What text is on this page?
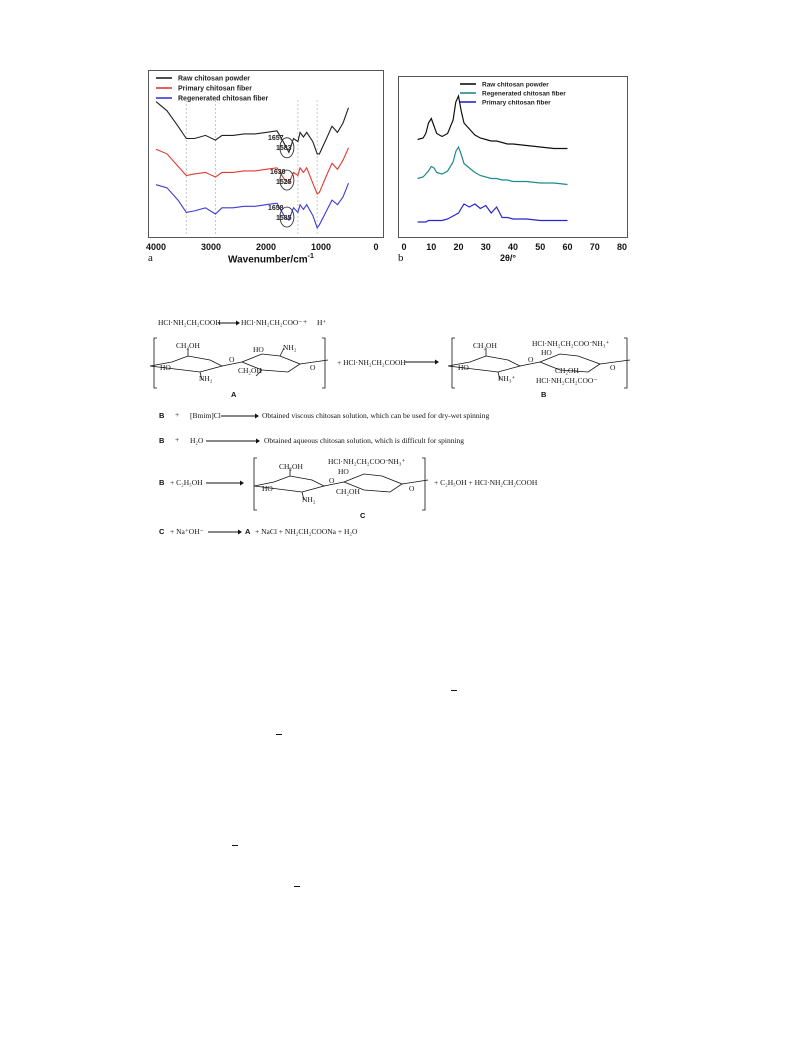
Raw chitosan powder
Primary chitosan fiber
Regenerated chitosan fiber
1657
1583
1630
1525
1658
1585
4000	3000	2000	1000	0
a	Wavenumber/$cm^{-1}$
Raw chitosan powder
Regenerated chitosan fiber
Primary chitosan fiber
0 10 20 30 40 50 60 70 80
b	2θ/°
HCl·NH₂CH₂COOH	HCl·NH₂CH₂COO⁻ + H⁺
CH₂OH
HO
NH₂
O
HO	NH₂
CH₂OH	O
A
+ HCl·NH₂CH₂COOH
CH₂OH
HO
NH₃⁺
O
HCl·NH₂CH₂COO⁻
NH₃⁺
HO
CH₂OH
HCl·NH₂CH₂COO⁻
O
B
B + [Bmim]Cl	Obtained viscous chitosan solution, which can be used for dry-wet spinning
B + H₂O	Obtained aqueous chitosan solution, which is difficult for spinning
B + C₂H₅OH
CH₂OH
HO
NH₂
O
HCl·NH₂CH₂COO⁻
NH₃⁺
HO
CH₂OH	O
C
+ C₂H₅OH + HCl·NH₂CH₂COOH
C + Na⁺OH⁻	A + NaCl + NH₂CH₂COONa + H₂O
